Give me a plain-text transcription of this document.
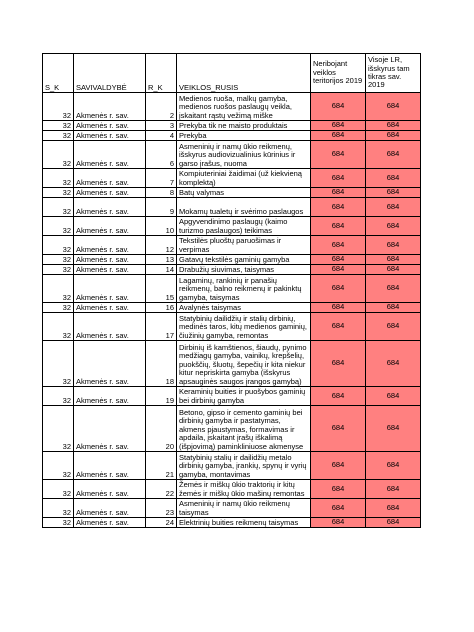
S_K	SAVIVALDYBĖ	R_K	VEIKLOS_RUSIS	Neribojant veiklos teritorijos 2019	Visoje LR, išskyrus tam tikras sav. 2019
32	Akmenės r. sav.	2	Medienos ruoša, malkų gamyba, medienos ruošos paslaugų veikla, įskaitant rąstų vežimą miške	684	684
32	Akmenės r. sav.	3	Prekyba tik ne maisto produktais	684	684
32	Akmenės r. sav.	4	Prekyba	684	684
32	Akmenės r. sav.	6	Asmeninių ir namų ūkio reikmenų, išskyrus audiovizualinius kūrinius ir garso įrašus, nuoma	684	684
32	Akmenės r. sav.	7	Kompiuteriniai žaidimai (už kiekvieną komplektą)	684	684
32	Akmenės r. sav.	8	Batų valymas	684	684
32	Akmenės r. sav.	9	Mokamų tualetų ir svėrimo paslaugos	684	684
32	Akmenės r. sav.	10	Apgyvendinimo paslaugų (kaimo turizmo paslaugos) teikimas	684	684
32	Akmenės r. sav.	12	Tekstilės pluoštų paruošimas ir verpimas	684	684
32	Akmenės r. sav.	13	Gatavų tekstilės gaminių gamyba	684	684
32	Akmenės r. sav.	14	Drabužių siuvimas, taisymas	684	684
32	Akmenės r. sav.	15	Lagaminų, rankinių ir panašių reikmenų, balno reikmenų ir pakinktų gamyba, taisymas	684	684
32	Akmenės r. sav.	16	Avalynės taisymas	684	684
32	Akmenės r. sav.	17	Statybinių dailidžių ir stalių dirbinių, medinės taros, kitų medienos gaminių, čiužinių gamyba, remontas	684	684
32	Akmenės r. sav.	18	Dirbinių iš kamštienos, šiaudų, pynimo medžiagų gamyba, vainikų, krepšelių, puokščių, šluotų, šepečių ir kita niekur kitur nepriskirta gamyba (išskyrus apsauginės saugos įrangos gamybą)	684	684
32	Akmenės r. sav.	19	Keraminių buities ir puošybos gaminių bei dirbinių gamyba	684	684
32	Akmenės r. sav.	20	Betono, gipso ir cemento gaminių bei dirbinių gamyba ir pastatymas, akmens pjaustymas, formavimas ir apdaila, įskaitant įrašų iškalimą (išpjovimą) paminkliniuose akmenyse	684	684
32	Akmenės r. sav.	21	Statybinių stalių ir dailidžių metalo dirbinių gamyba, įrankių, spynų ir vyrių gamyba, montavimas	684	684
32	Akmenės r. sav.	22	Žemės ir miškų ūkio traktorių ir kitų žemės ir miškų ūkio mašinų remontas	684	684
32	Akmenės r. sav.	23	Asmeninių ir namų ūkio reikmenų taisymas	684	684
32	Akmenės r. sav.	24	Elektrinių buities reikmenų taisymas	684	684
